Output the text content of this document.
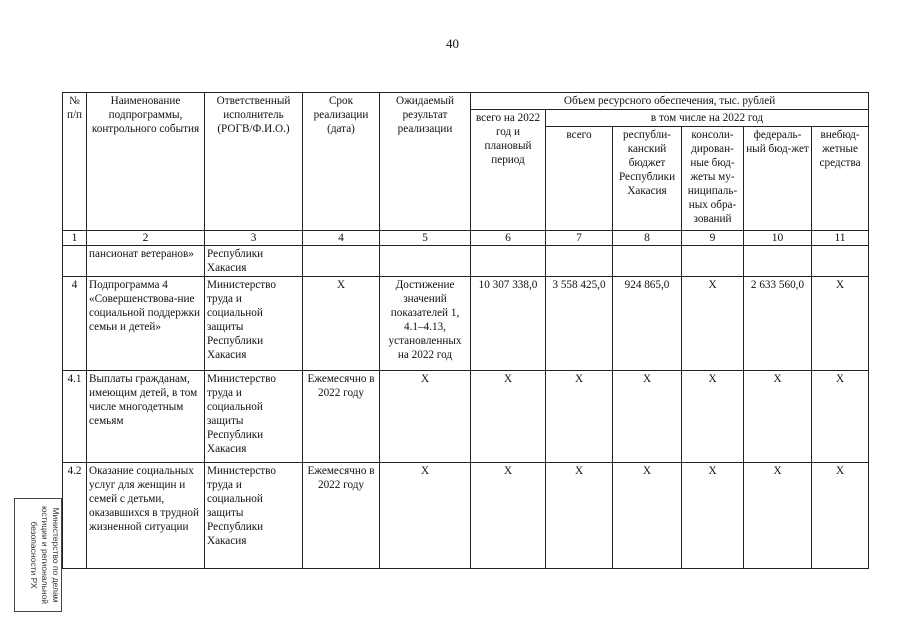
40
№ п/п	Наименование подпрограммы, контрольного события	Ответственный исполнитель (РОГВ/Ф.И.О.)	Срок реализации (дата)	Ожидаемый результат реализации	Объем ресурсного обеспечения, тыс. рублей					
					всего на 2022 год и плановый период	в том числе на 2022 год				
						всего	республи-канский бюджет Республики Хакасия	консоли-дирован-ные бюд-жеты му-ниципаль-ных обра-зований	федераль-ный бюд-жет	внебюд-жетные средства
1	2	3	4	5	6	7	8	9	10	11
	пансионат ветеранов»	Республики Хакасия								
4	Подпрограмма 4 «Совершенствова-ние социальной поддержки семьи и детей»	Министерство труда и социальной защиты Республики Хакасия	Х	Достижение значений показателей 1, 4.1–4.13, установленных на 2022 год	10 307 338,0	3 558 425,0	924 865,0	Х	2 633 560,0	Х
4.1	Выплаты гражданам, имеющим детей, в том числе многодетным семьям	Министерство труда и социальной защиты Республики Хакасия	Ежемесячно в 2022 году	Х	Х	Х	Х	Х	Х	Х
4.2	Оказание социальных услуг для женщин и семей с детьми, оказавшихся в трудной жизненной ситуации	Министерство труда и социальной защиты Республики Хакасия	Ежемесячно в 2022 году	Х	Х	Х	Х	Х	Х	Х
Министерство по делам
юстиции и региональной
безопасности РХ
